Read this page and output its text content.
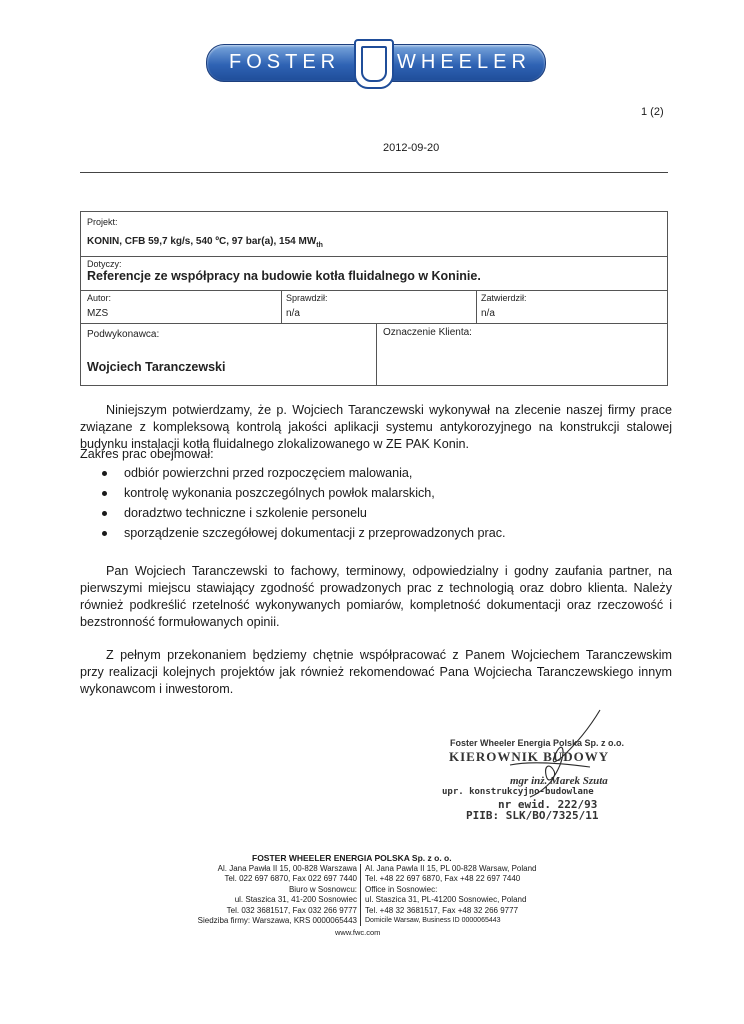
FOSTER	WHEELER
1 (2)
2012-09-20
Projekt:
KONIN, CFB 59,7 kg/s, 540 ºC, 97 bar(a), 154 $MW_{th}$
Dotyczy:
Referencje ze współpracy na budowie kotła fluidalnego w Koninie.
Autor:
MZS
Sprawdził:
n/a
Zatwierdził:
n/a
Podwykonawca:
Wojciech Taranczewski
Oznaczenie Klienta:

Niniejszym potwierdzamy, że p. Wojciech Taranczewski wykonywał na zlecenie naszej firmy prace związane z kompleksową kontrolą jakości aplikacji systemu antykorozyjnego na konstrukcji stalowej budynku instalacji kotła fluidalnego zlokalizowanego w ZE PAK Konin.

Zakres prac obejmował:
odbiór powierzchni przed rozpoczęciem malowania,
kontrolę wykonania poszczególnych powłok malarskich,
doradztwo techniczne i szkolenie personelu
sporządzenie szczegółowej dokumentacji z przeprowadzonych prac.

Pan Wojciech Taranczewski to fachowy, terminowy, odpowiedzialny i godny zaufania partner, na pierwszymi miejscu stawiający zgodność prowadzonych prac z technologią oraz dobro klienta. Należy również podkreślić rzetelność wykonywanych pomiarów, kompletność dokumentacji oraz rzeczowość i bezstronność formułowanych opinii.

Z pełnym przekonaniem będziemy chętnie współpracować z Panem Wojciechem Taranczewskim przy realizacji kolejnych projektów jak również rekomendować Pana Wojciecha Taranczewskiego innym wykonawcom i inwestorom.

Foster Wheeler Energia Polska Sp. z o.o.
KIEROWNIK BUDOWY
mgr inż. Marek Szuta
upr. konstrukcyjno-budowlane
nr ewid. 222/93
PIIB: SLK/BO/7325/11
FOSTER WHEELER ENERGIA POLSKA Sp. z o. o.
Al. Jana Pawła II 15, 00-828 Warszawa
Tel. 022 697 6870, Fax 022 697 7440
Biuro w Sosnowcu:
ul. Staszica 31, 41-200 Sosnowiec
Tel. 032 3681517, Fax 032 266 9777
Siedziba firmy: Warszawa, KRS 0000065443
Al. Jana Pawla II 15, PL 00-828 Warsaw, Poland
Tel. +48 22 697 6870, Fax +48 22 697 7440
Office in Sosnowiec:
ul. Staszica 31, PL-41200 Sosnowiec, Poland
Tel. +48 32 3681517, Fax +48 32 266 9777
Domicile Warsaw, Business ID 0000065443
www.fwc.com
